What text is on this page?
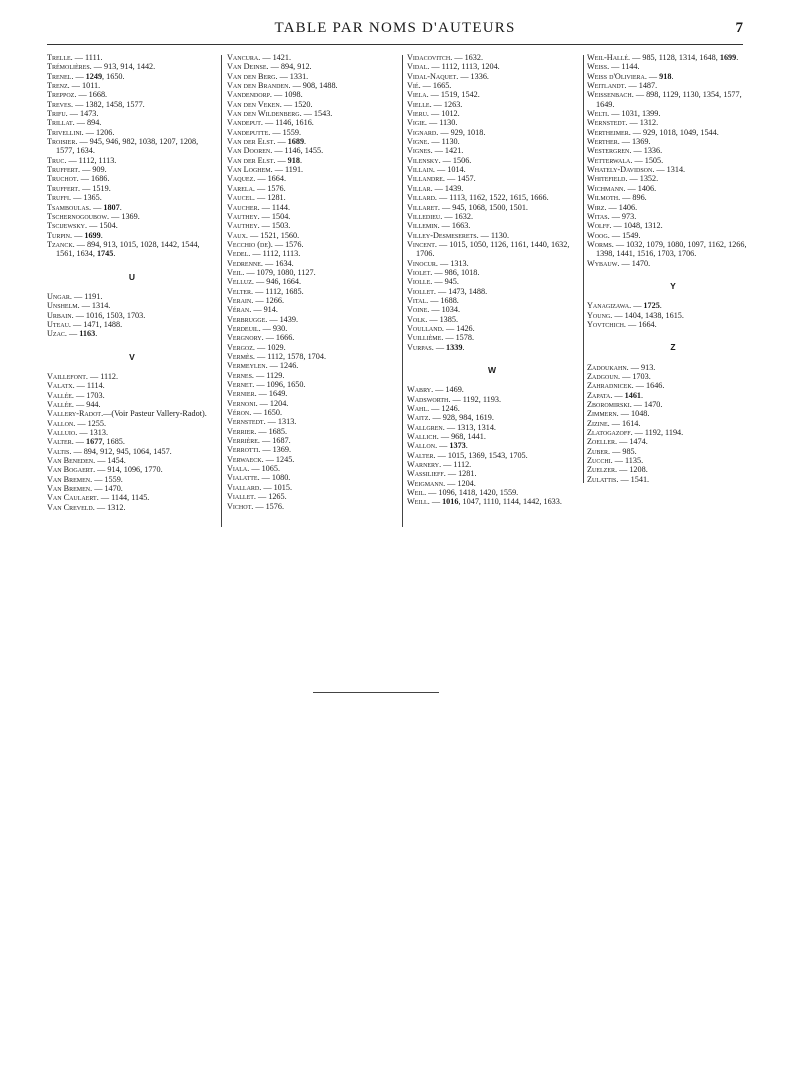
TABLE PAR NOMS D'AUTEURS	7
Trelle. — 1111.
Trémolières. — 913, 914, 1442.
Trenel. — 1249, 1650.
Trenz. — 1011.
Treppoz. — 1668.
Treves. — 1382, 1458, 1577.
Trifu. — 1473.
Trillat. — 894.
Trivellini. — 1206.
Troisier. — 945, 946, 982, 1038, 1207, 1208, 1577, 1634.
Truc. — 1112, 1113.
Truffert. — 909.
Truchot. — 1686.
Truffert. — 1519.
Truffi. — 1365.
Tsamboulas. — 1807.
Tschernogoubow. — 1369.
Tscijewsky. — 1504.
Turpin. — 1699.
Tzanck. — 894, 913, 1015, 1028, 1442, 1544, 1561, 1634, 1745.
U
Ungar. — 1191.
Unshelm. — 1314.
Urbain. — 1016, 1503, 1703.
Uteau. — 1471, 1488.
Uzac. — 1163.
V
Vaillefont. — 1112.
Valatx. — 1114.
Vallée. — 1703.
Vallée. — 944.
Vallery-Radot.—(Voir Pasteur Vallery-Radot).
Vallon. — 1255.
Valluio. — 1313.
Valter. — 1677, 1685.
Valtis. — 894, 912, 945, 1064, 1457.
Van Beneden. — 1454.
Van Bogaert. — 914, 1096, 1770.
Van Bremen. — 1559.
Van Bremen. — 1470.
Van Caulaert. — 1144, 1145.
Van Creveld. — 1312.
Vancura. — 1421.
Van Deinse. — 894, 912.
Van den Berg. — 1331.
Van den Branden. — 908, 1488.
Vandendorp. — 1098.
Van den Veken. — 1520.
Van den Wildenberg. — 1543.
Vandeput. — 1146, 1616.
Vandeputte. — 1559.
Van der Elst. — 1689.
Van Dooren. — 1146, 1455.
Van der Elst. — 918.
Van Loghem. — 1191.
Vaquez. — 1664.
Varela. — 1576.
Vaucel. — 1281.
Vaucher. — 1144.
Vauthey. — 1504.
Vauthey. — 1503.
Vaux. — 1521, 1560.
Vecchio (de). — 1576.
Vedel. — 1112, 1113.
Vedrenne. — 1634.
Veil. — 1079, 1080, 1127.
Velluz. — 946, 1664.
Velter. — 1112, 1685.
Verain. — 1266.
Véran. — 914.
Verbrugge. — 1439.
Verdeuil. — 930.
Vergnory. — 1666.
Vergoz. — 1029.
Vermès. — 1112, 1578, 1704.
Vermeylen. — 1246.
Vernes. — 1129.
Vernet. — 1096, 1650.
Vernier. — 1649.
Vernoni. — 1204.
Véron. — 1650.
Vernstedt. — 1313.
Verrier. — 1685.
Verrière. — 1687.
Verrotti. — 1369.
Verwaeck. — 1245.
Viala. — 1065.
Vialatte. — 1080.
Viallard. — 1015.
Viallet. — 1265.
Vichot. — 1576.
Vidacovitch. — 1632.
Vidal. — 1112, 1113, 1204.
Vidal-Naquet. — 1336.
Vié. — 1665.
Viela. — 1519, 1542.
Vielle. — 1263.
Vieru. — 1012.
Vigie. — 1130.
Vignard. — 929, 1018.
Vigne. — 1130.
Vignes. — 1421.
Vilensky. — 1506.
Villain. — 1014.
Villandre. — 1457.
Villar. — 1439.
Villard. — 1113, 1162, 1522, 1615, 1666.
Villaret. — 945, 1068, 1500, 1501.
Villedieu. — 1632.
Villemin. — 1663.
Villey-Desmeserets. — 1130.
Vincent. — 1015, 1050, 1126, 1161, 1440, 1632, 1706.
Vinocur. — 1313.
Violet. — 986, 1018.
Violle. — 945.
Viollet. — 1473, 1488.
Vital. — 1688.
Voine. — 1034.
Volk. — 1385.
Voulland. — 1426.
Vuillième. — 1578.
Vurpas. — 1339.
W
Wabry. — 1469.
Wadsworth. — 1192, 1193.
Wahl. — 1246.
Waitz. — 928, 984, 1619.
Wallgren. — 1313, 1314.
Wallich. — 968, 1441.
Wallon. — 1373.
Walter. — 1015, 1369, 1543, 1705.
Warnery. — 1112.
Wassilieff. — 1281.
Weigmann. — 1204.
Weil. — 1096, 1418, 1420, 1559.
Weill. — 1016, 1047, 1110, 1144, 1442, 1633.
Weil-Hallé. — 985, 1128, 1314, 1648, 1699.
Weiss. — 1144.
Weiss d'Oliviera. — 918.
Weitlandt. — 1487.
Weissenbach. — 898, 1129, 1130, 1354, 1577, 1649.
Welti. — 1031, 1399.
Wernstedt. — 1312.
Wertheimer. — 929, 1018, 1049, 1544.
Werther. — 1369.
Westergren. — 1336.
Wetterwala. — 1505.
Whately-Davidson. — 1314.
Whitefield. — 1352.
Wichmann. — 1406.
Wilmoth. — 896.
Wirz. — 1406.
Witas. — 973.
Wolff. — 1048, 1312.
Woog. — 1549.
Worms. — 1032, 1079, 1080, 1097, 1162, 1266, 1398, 1441, 1516, 1703, 1706.
Wybauw. — 1470.
Y
Yanagizawa. — 1725.
Young. — 1404, 1438, 1615.
Yovtchich. — 1664.
Z
Zadoukahn. — 913.
Zadgoun. — 1703.
Zahradnicek. — 1646.
Zapata. — 1461.
Zboromirski. — 1470.
Zimmern. — 1048.
Zizine. — 1614.
Zlatogazoff. — 1192, 1194.
Zoeller. — 1474.
Zuber. — 985.
Zucchi. — 1135.
Zuelzer. — 1208.
Zulattis. — 1541.
